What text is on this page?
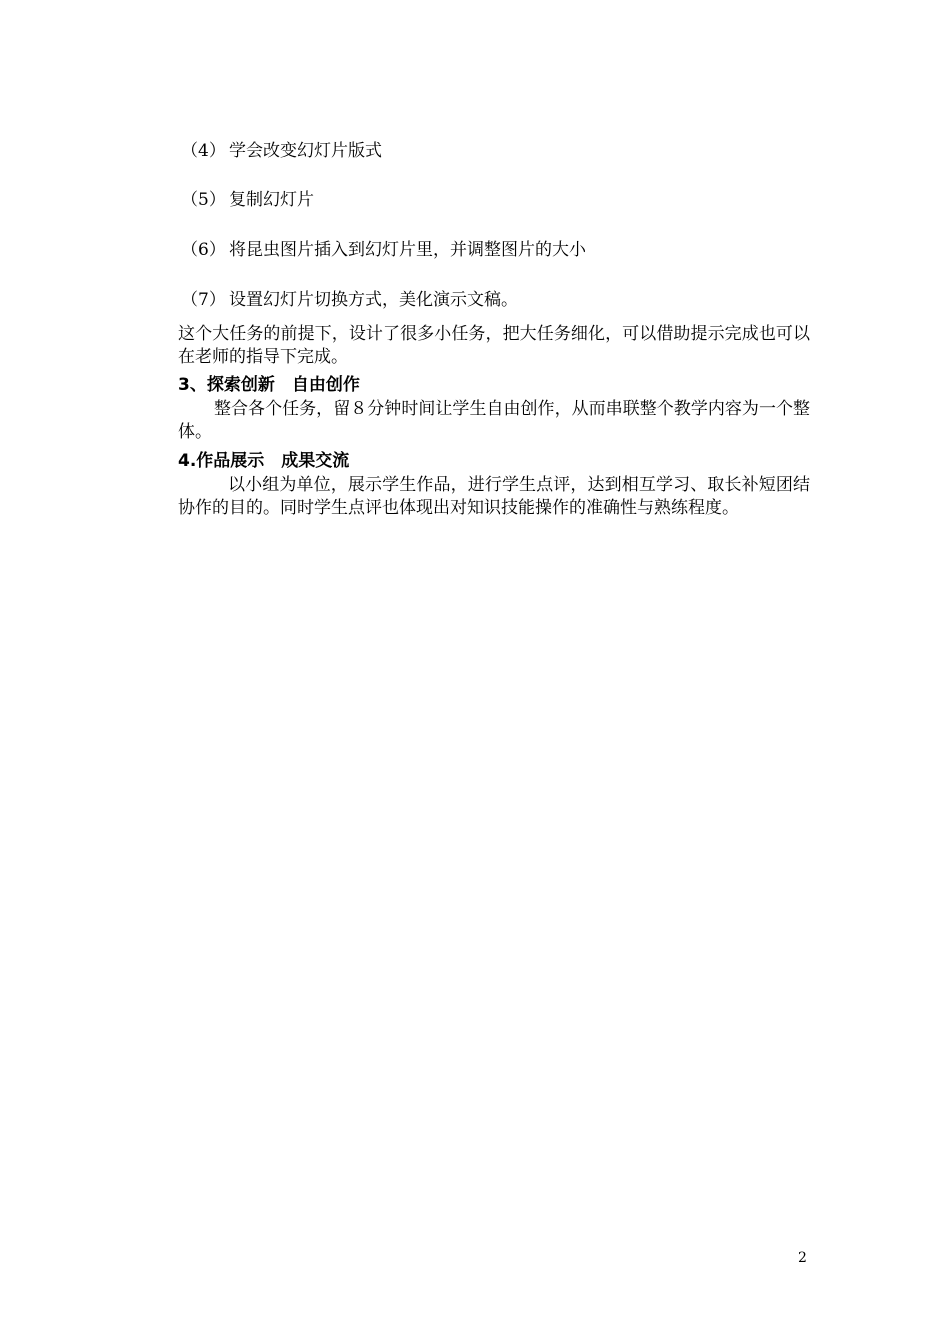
（4） 学会改变幻灯片版式
（5） 复制幻灯片
（6） 将昆虫图片插入到幻灯片里，并调整图片的大小
（7） 设置幻灯片切换方式，美化演示文稿。

这个大任务的前提下，设计了很多小任务，把大任务细化，可以借助提示完成也可以在老师的指导下完成。

3、探索创新　自由创作

整合各个任务，留８分钟时间让学生自由创作，从而串联整个教学内容为一个整体。

4.作品展示　成果交流

以小组为单位，展示学生作品，进行学生点评，达到相互学习、取长补短团结协作的目的。同时学生点评也体现出对知识技能操作的准确性与熟练程度。

2
